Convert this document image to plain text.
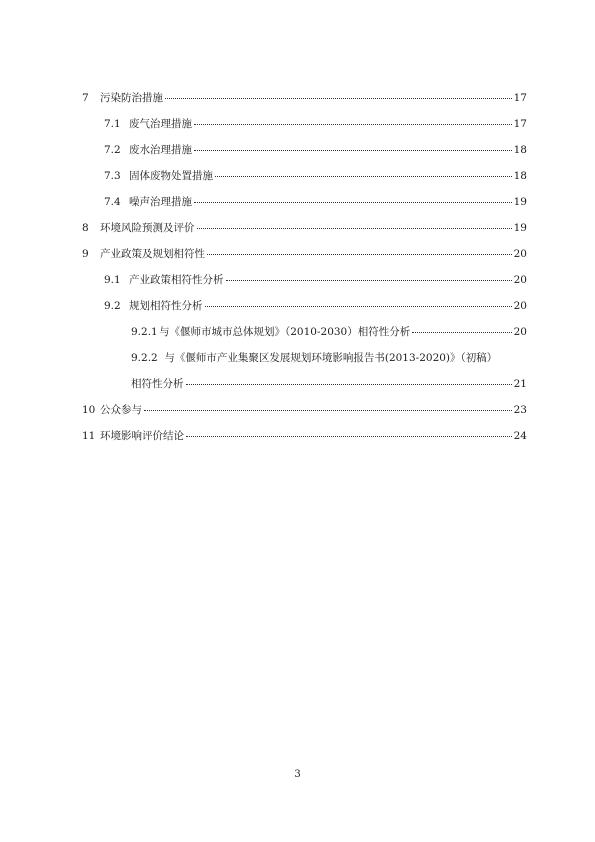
7	污染防治措施	17
7.1 废气治理措施	17
7.2 废水治理措施	18
7.3 固体废物处置措施	18
7.4 噪声治理措施	19
8	环境风险预测及评价	19
9	产业政策及规划相符性	20
9.1 产业政策相符性分析	20
9.2 规划相符性分析	20
9.2.1 与《偃师市城市总体规划》（2010-2030）相符性分析	20
9.2.2 与《偃师市产业集聚区发展规划环境影响报告书(2013-2020)》（初稿）
相符性分析	21
10 公众参与	23
11 环境影响评价结论	24
3
